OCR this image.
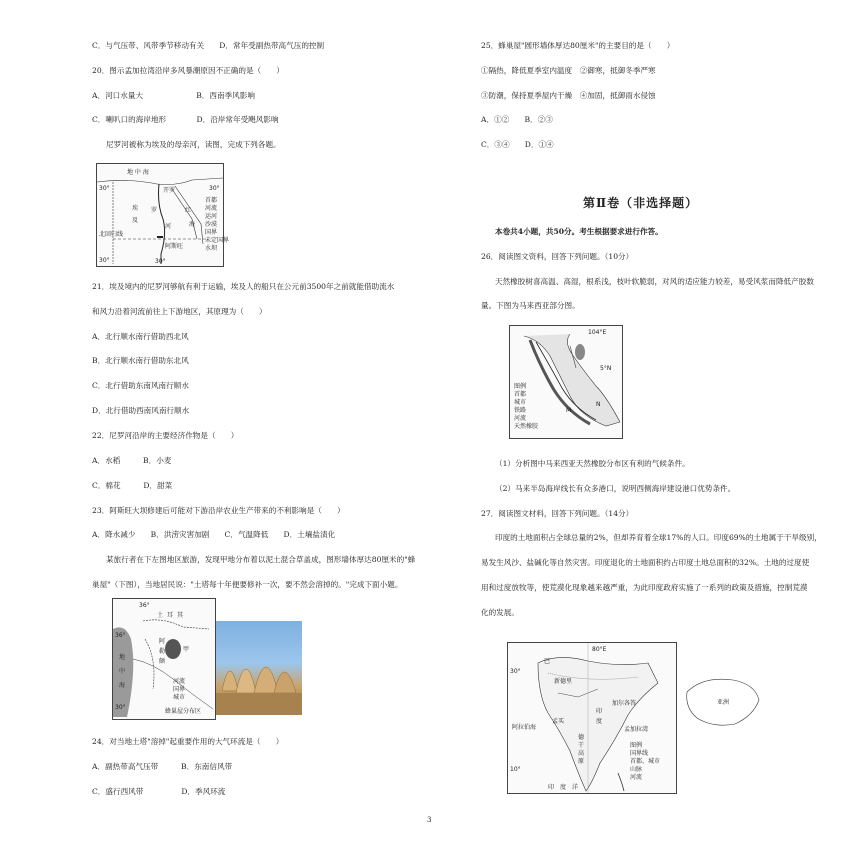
C．与气压带、风带季节移动有关　　D．常年受副热带高气压的控制
20．图示孟加拉湾沿岸多风暴潮原因不正确的是（　　）
A．河口水量大　　　　　　　B．西南季风影响
C．喇叭口的海岸地形　　　　D．沿岸常年受飓风影响
尼罗河被称为埃及的母亲河，读图，完成下列各题。
地 中 海
30°	30°
开罗
埃
及
罗	红
河	海
北回归线
阿斯旺
30°	30°
首都
河流
运河
沙漠
国界
未定国界
水坝
21．埃及境内的尼罗河够航有利于运输，埃及人的船只在公元前3500年之前就能借助流水
和风力沿着河流前往上下游地区，其原理为（　　）
A．北行顺水南行借助西北风
B．北行顺水南行借助东北风
C．北行借助东南风南行顺水
D．北行借助西南风南行顺水
22．尼罗河沿岸的主要经济作物是（　　）
A．水稻　　　B．小麦
C．棉花　　　D．甜菜
23．阿斯旺大坝修建后可能对下游沿岸农业生产带来的不利影响是（　　）
A．降水减少　　B．洪涝灾害加剧　　C．气温降低　　D．土壤盐渍化
某旅行者在下左图地区旅游，发现甲地分布着以泥土混合草盖成，图形墙体厚达80厘米的"蜂
巢屋"（下图），当地居民说："土塔每十年便要修补一次，要不然会溶掉的。"完成下面小题。
36°
地
中
海
土 耳 其
甲
阿
勒
颇
36°
30°
河流
国界
城市
蜂巢屋分布区
24．对当地土塔"溶掉"起重要作用的大气环流是（　　）
A．副热带高气压带　　　B．东南信风带
C．盛行西风带　　　　　D．季风环流
25．蜂巢屋"圆形墙体厚达80厘米"的主要目的是（　　）
①隔热，降低夏季室内温度　②御寒，抵御冬季严寒
③防潮，保持夏季屋内干燥　④加固，抵御雨水侵蚀
A．①②　　B．②③
C．③④　　D．①④
第Ⅱ卷（非选择题）
本卷共4小题，共50分。考生根据要求进行作答。
26．阅读图文资料，回答下列问题。（10分）
天然橡胶树喜高温、高湿，根系浅，枝叶软脆弱，对风的适应能力较差，易受风浆而降低产胶数
量。下图为马来西亚部分图。
104°E
5°N
N
M
图例
首都
城市
铁路
河流
天然橡胶
（1）分析图中马来西亚天然橡胶分布区有利的气候条件。
（2）马来半岛海岸线长有众多港口，说明西侧海岸建设港口优势条件。
27．阅读图文材料，回答下列问题。（14分）
印度的土地面积占全球总量的2%，但却养育着全球17%的人口。印度69%的土地属于干旱级别，
易发生风沙、盐碱化等自然灾害。印度退化的土地面积约占印度土地总面积的32%。土地的过度使
用和过度放牧等，使荒漠化现象越来越严重，为此印度政府实施了一系列的政策及措施，控制荒漠
化的发展。
80°E
巴
新德里
印
度
阿拉伯海	孟加拉湾
加尔各答
孟买
德
干
高
原
印　度　洋
30°
10°
图例
国界线
首都、城市
山脉
河流
亚洲
3
